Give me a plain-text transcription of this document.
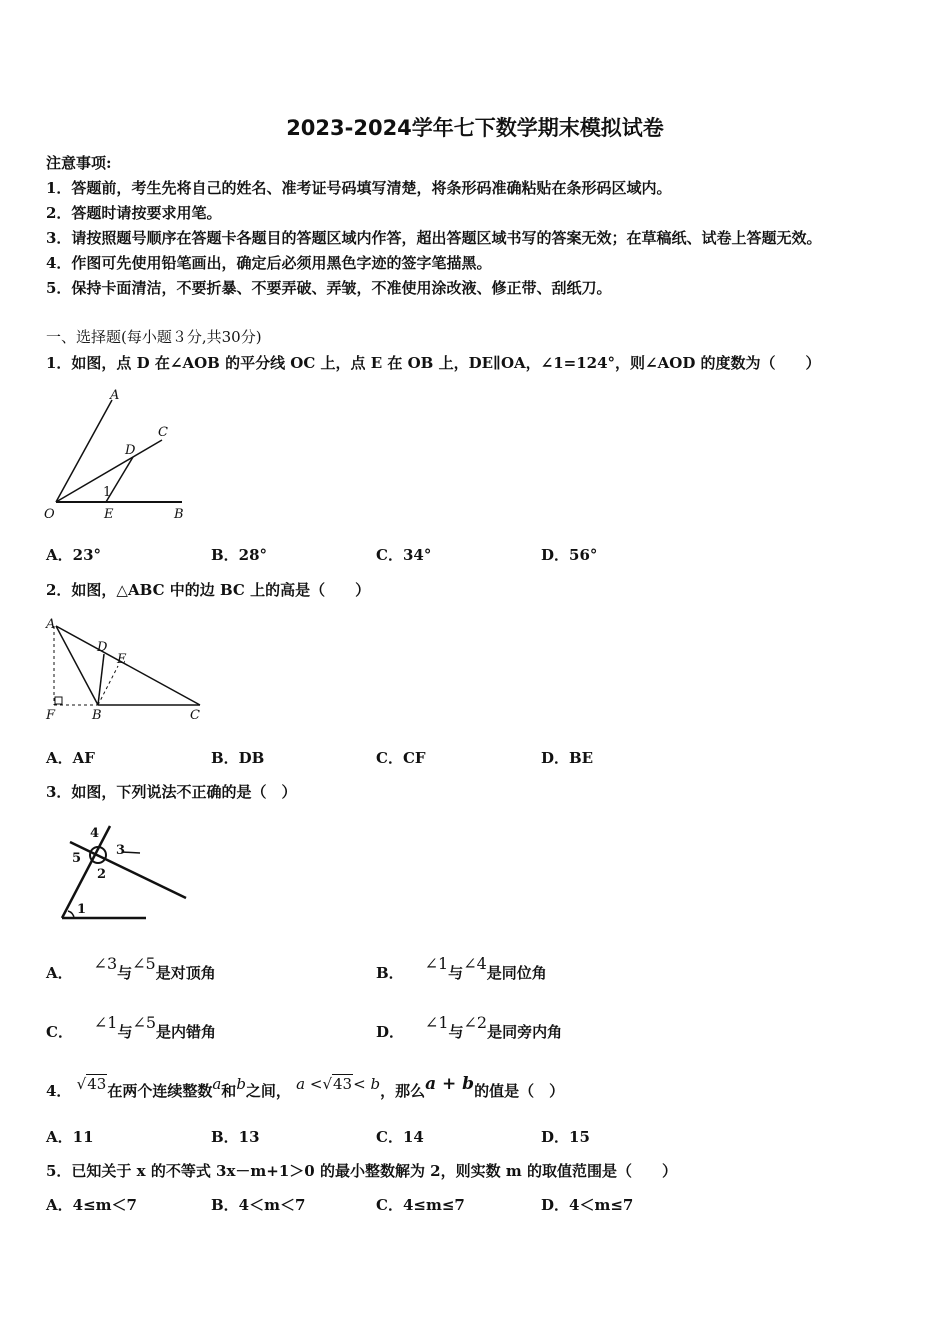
2023-2024学年七下数学期末模拟试卷
注意事项:
1．答题前，考生先将自己的姓名、准考证号码填写清楚，将条形码准确粘贴在条形码区域内。
2．答题时请按要求用笔。
3．请按照题号顺序在答题卡各题目的答题区域内作答，超出答题区域书写的答案无效；在草稿纸、试卷上答题无效。
4．作图可先使用铅笔画出，确定后必须用黑色字迹的签字笔描黑。
5．保持卡面清洁，不要折暴、不要弄破、弄皱，不准使用涂改液、修正带、刮纸刀。
一、选择题(每小题３分,共30分)
1．如图，点 D 在∠AOB 的平分线 OC 上，点 E 在 OB 上，DE∥OA，∠1=124°，则∠AOD 的度数为（　　）
A
C
D
1
O	E	B
A．23°	B．28°	C．34°	D．56°
2．如图，△ABC 中的边 BC 上的高是（　　）
A
D
E
F	B	C
A．AF	B．DB	C．CF	D．BE
3．如图，下列说法不正确的是（　）
4
5
3
2
1
A． ∠3与∠5是对顶角	B． ∠1与∠4是同位角
C． ∠1与∠5是内错角	D． ∠1与∠2是同旁内角
4． √43在两个连续整数a和b之间， a <√43< b，那么a + b的值是（　）
A．11	B．13	C．14	D．15
5．已知关于 x 的不等式 3x－m+1＞0 的最小整数解为 2，则实数 m 的取值范围是（　　）
A．4≤m＜7	B．4＜m＜7	C．4≤m≤7	D．4＜m≤7
